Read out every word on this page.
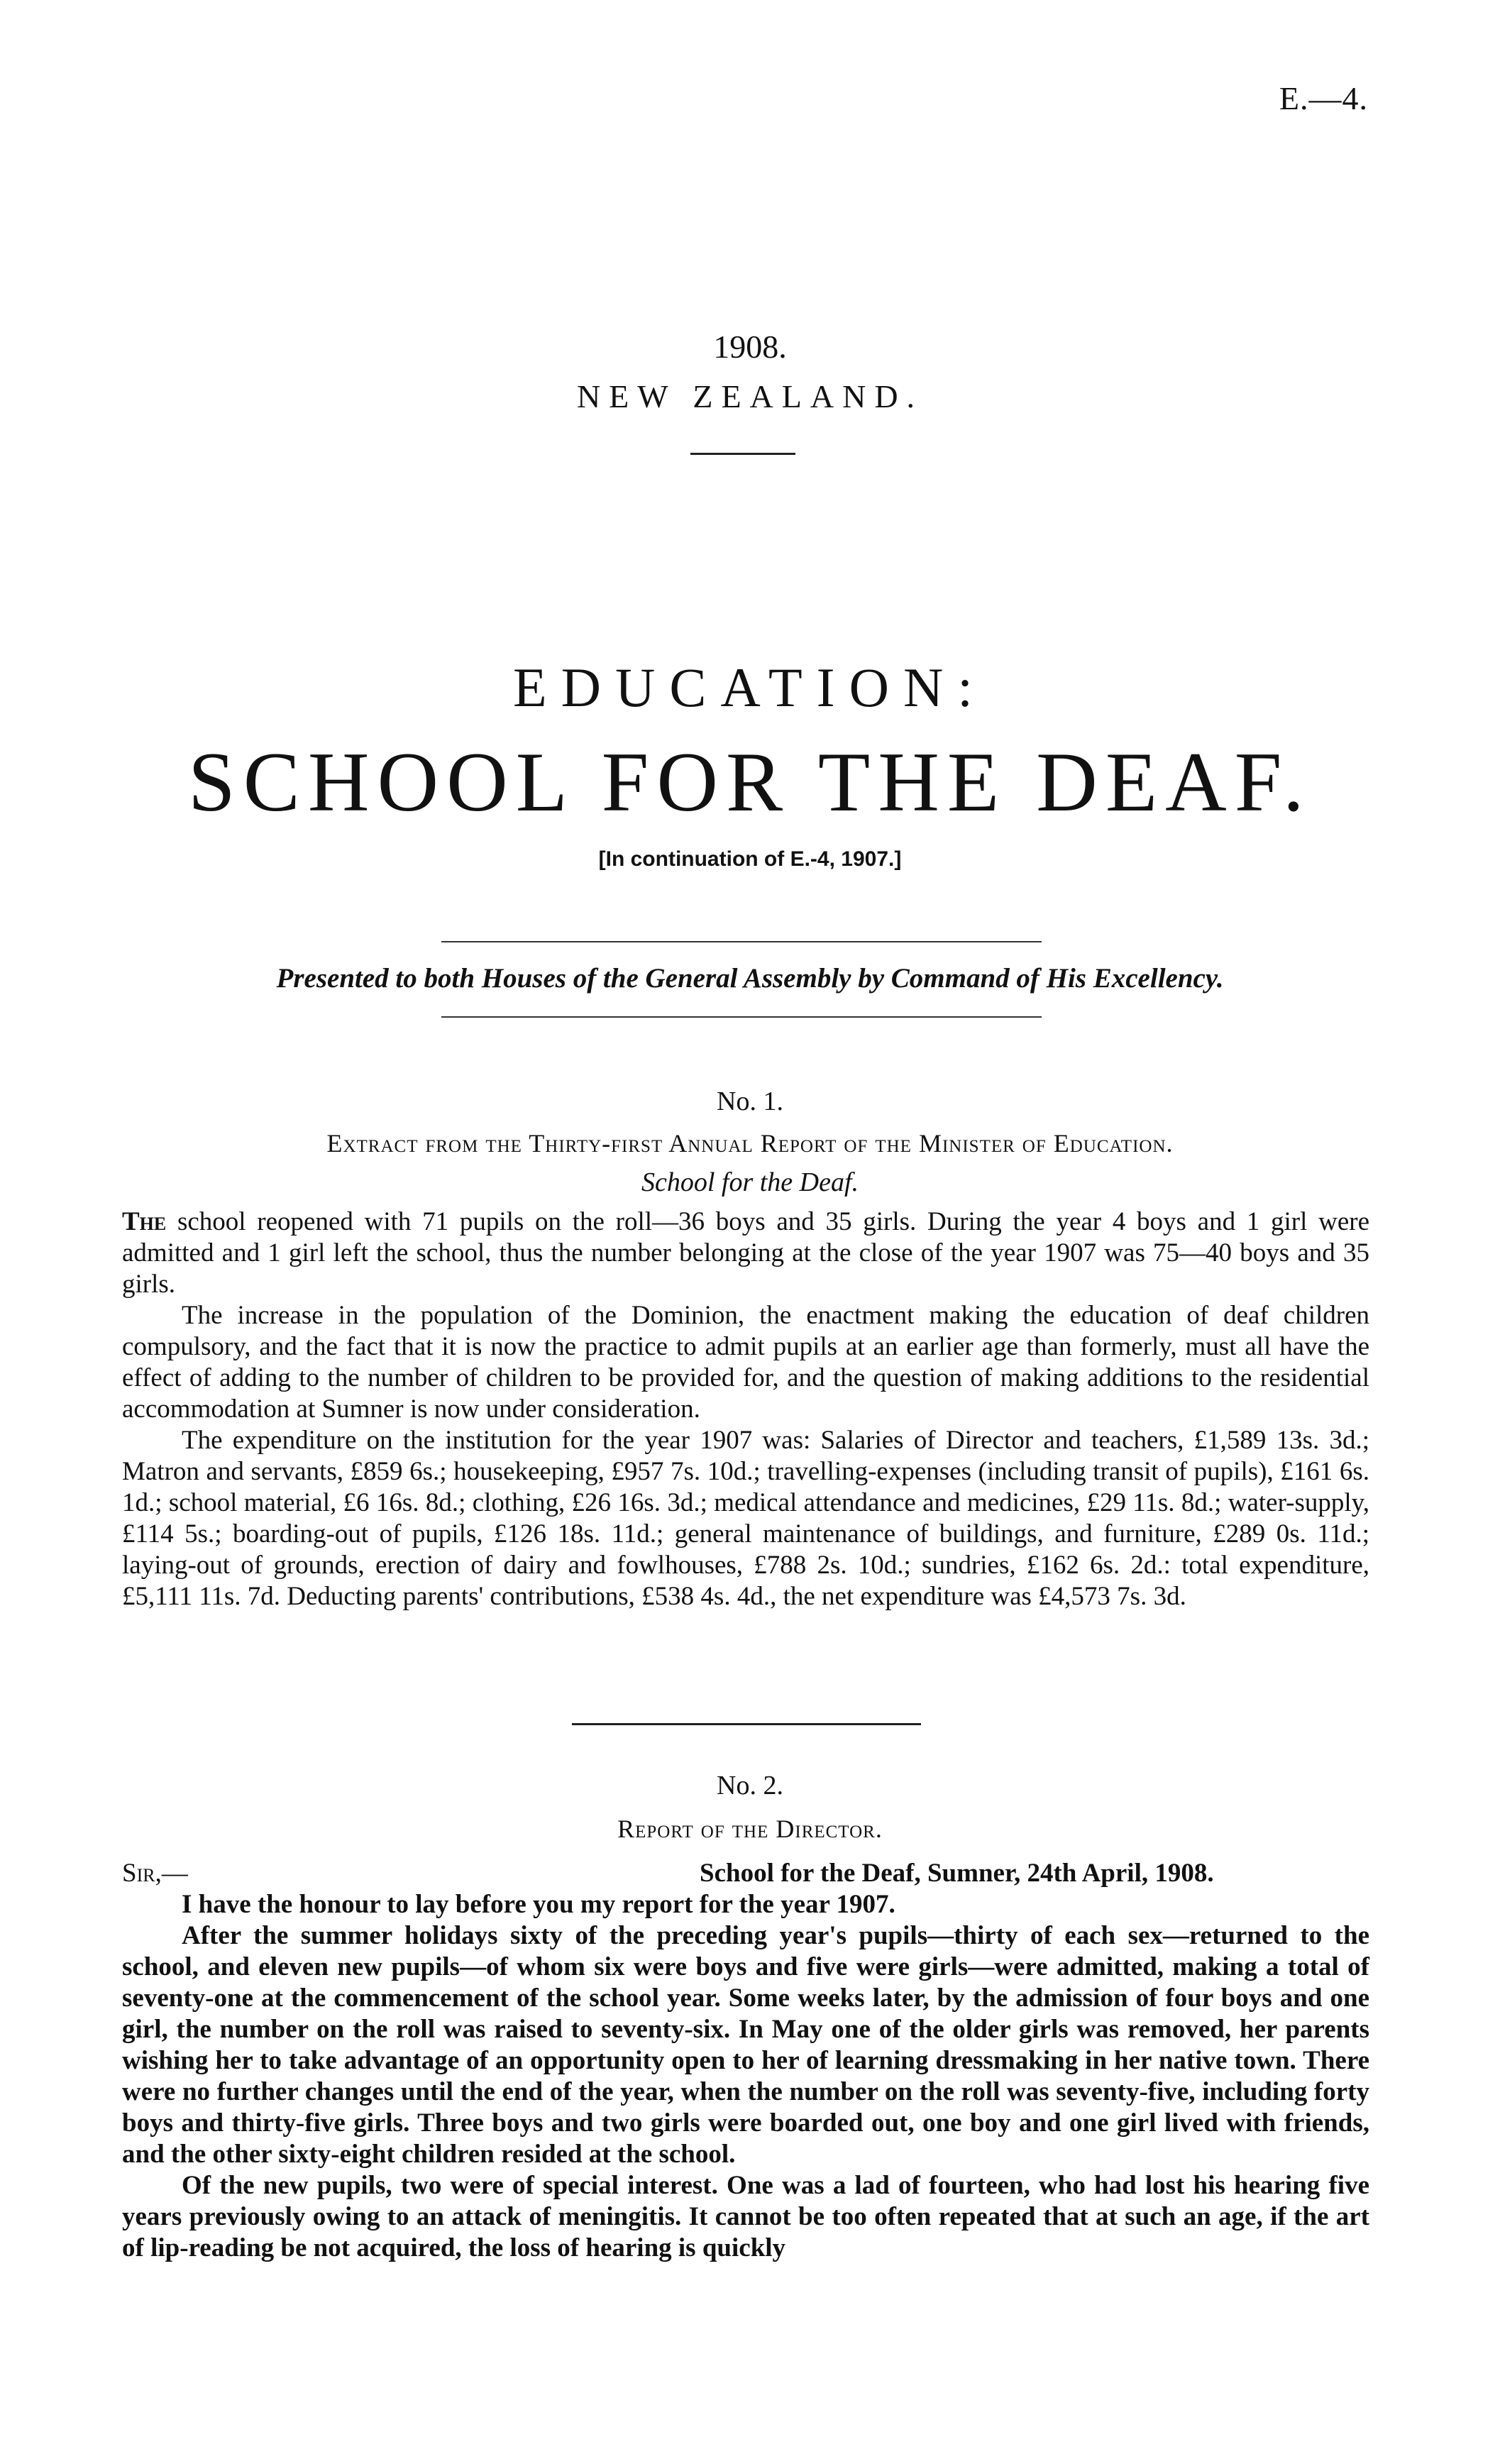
E.—4.
1908.
NEW ZEALAND.
EDUCATION:
SCHOOL FOR THE DEAF.
[In continuation of E.-4, 1907.]
Presented to both Houses of the General Assembly by Command of His Excellency.
No. 1.
Extract from the Thirty-first Annual Report of the Minister of Education.
School for the Deaf.

The school reopened with 71 pupils on the roll—36 boys and 35 girls. During the year 4 boys and 1 girl were admitted and 1 girl left the school, thus the number belonging at the close of the year 1907 was 75—40 boys and 35 girls.

The increase in the population of the Dominion, the enactment making the education of deaf children compulsory, and the fact that it is now the practice to admit pupils at an earlier age than formerly, must all have the effect of adding to the number of children to be provided for, and the question of making additions to the residential accommodation at Sumner is now under consideration.

The expenditure on the institution for the year 1907 was: Salaries of Director and teachers, £1,589 13s. 3d.; Matron and servants, £859 6s.; housekeeping, £957 7s. 10d.; travelling-expenses (including transit of pupils), £161 6s. 1d.; school material, £6 16s. 8d.; clothing, £26 16s. 3d.; medical attendance and medicines, £29 11s. 8d.; water-supply, £114 5s.; boarding-out of pupils, £126 18s. 11d.; general maintenance of buildings, and furniture, £289 0s. 11d.; laying-out of grounds, erection of dairy and fowlhouses, £788 2s. 10d.; sundries, £162 6s. 2d.: total expenditure, £5,111 11s. 7d. Deducting parents' contributions, £538 4s. 4d., the net expenditure was £4,573 7s. 3d.

No. 2.
Report of the Director.
Sir,—	School for the Deaf, Sumner, 24th April, 1908.

I have the honour to lay before you my report for the year 1907.

After the summer holidays sixty of the preceding year's pupils—thirty of each sex—returned to the school, and eleven new pupils—of whom six were boys and five were girls—were admitted, making a total of seventy-one at the commencement of the school year. Some weeks later, by the admission of four boys and one girl, the number on the roll was raised to seventy-six. In May one of the older girls was removed, her parents wishing her to take advantage of an opportunity open to her of learning dressmaking in her native town. There were no further changes until the end of the year, when the number on the roll was seventy-five, including forty boys and thirty-five girls. Three boys and two girls were boarded out, one boy and one girl lived with friends, and the other sixty-eight children resided at the school.

Of the new pupils, two were of special interest. One was a lad of fourteen, who had lost his hearing five years previously owing to an attack of meningitis. It cannot be too often repeated that at such an age, if the art of lip-reading be not acquired, the loss of hearing is quickly
